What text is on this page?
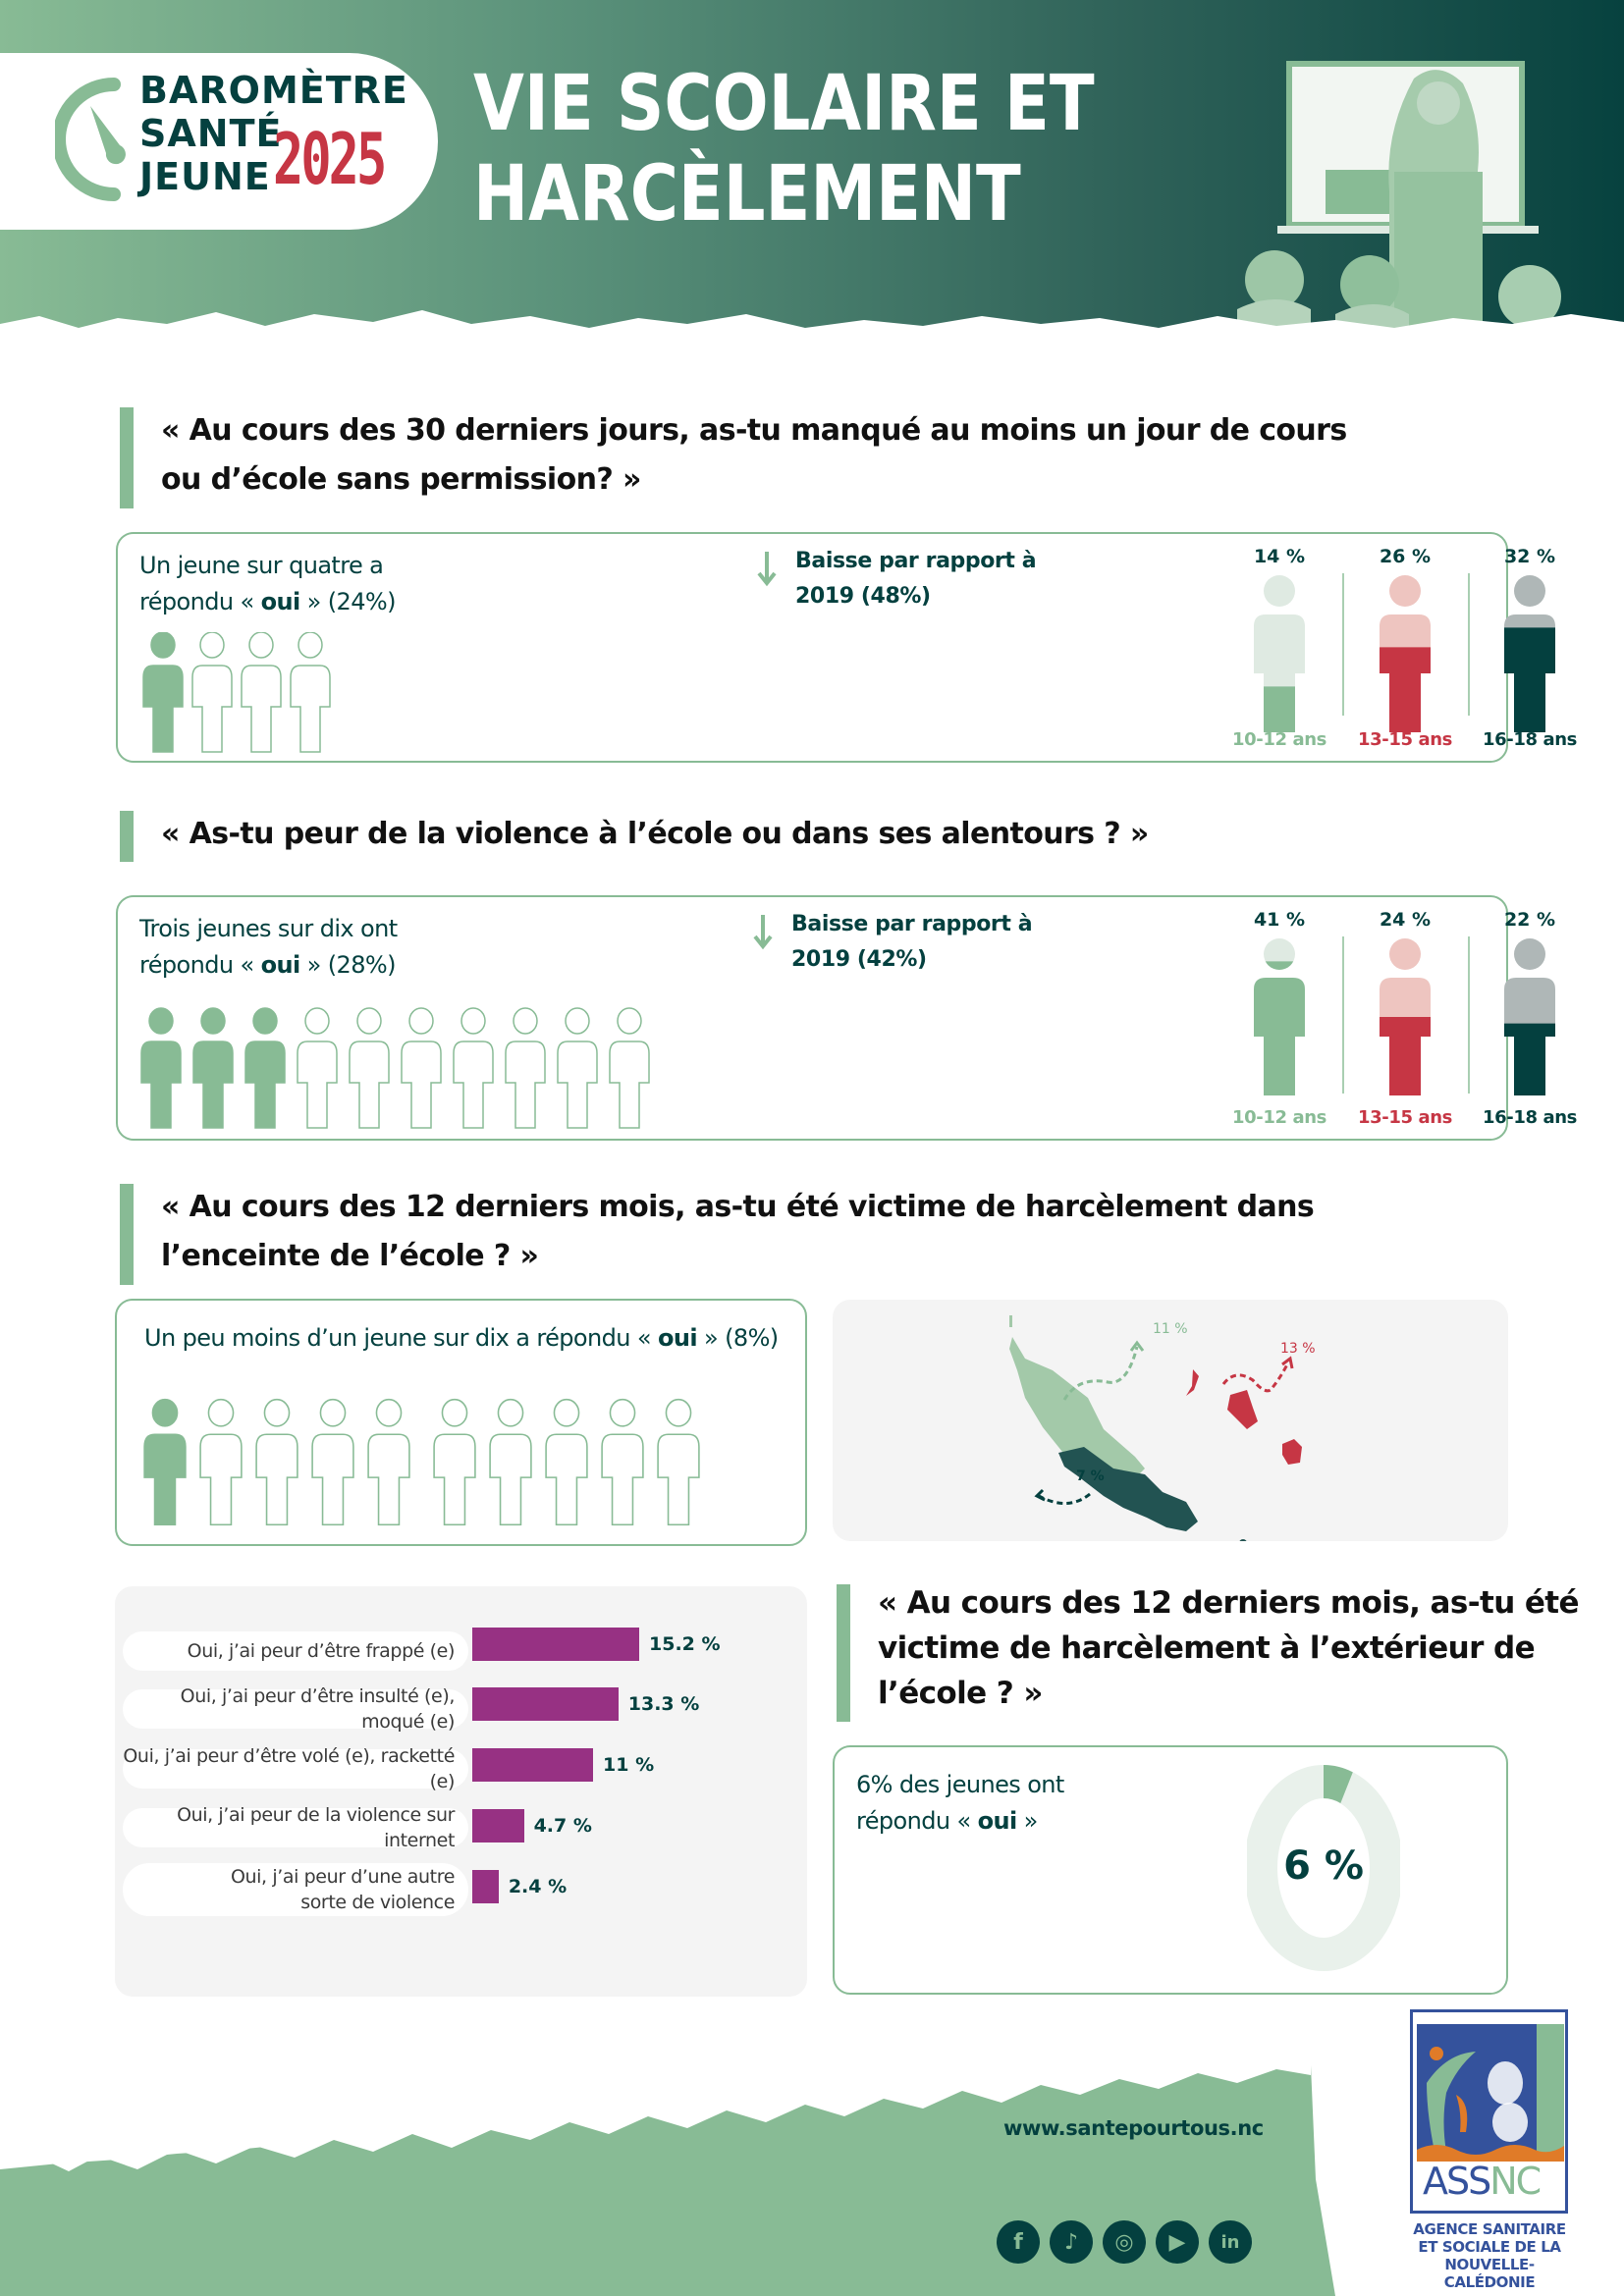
BAROMÈTRE
SANTÉ
JEUNE 2025
VIE SCOLAIRE ET
HARCÈLEMENT
« Au cours des 30 derniers jours, as-tu manqué au moins un jour de cours
ou d’école sans permission? »
Un jeune sur quatre a
répondu « oui » (24%)
Baisse par rapport à
2019 (48%)
14 %
10-12 ans
26 %
13-15 ans
32 %
16-18 ans
« As-tu peur de la violence à l’école ou dans ses alentours ? »
Trois jeunes sur dix ont
répondu « oui » (28%)
Baisse par rapport à
2019 (42%)
41 %
10-12 ans
24 %
13-15 ans
22 %
16-18 ans
« Au cours des 12 derniers mois, as-tu été victime de harcèlement dans
l’enceinte de l’école ? »
Un peu moins d’un jeune sur dix a répondu « oui » (8%)	11 %
13 %
7 %
Oui, j’ai peur d’être frappé (e)	15.2 %
Oui, j’ai peur d’être insulté (e), moqué (e)
13.3 %
Oui, j’ai peur d’être volé (e), racketté (e)
11 %
Oui, j’ai peur de la violence sur internet
4.7 %
Oui, j’ai peur d’une autre
sorte de violence
2.4 %
« Au cours des 12 derniers mois, as-tu été
victime de harcèlement à l’extérieur de
l’école ? »
6% des jeunes ont
répondu « oui »
6 %
www.santepourtous.nc
f	♪	◎	▶	in
ASSNC
AGENCE SANITAIRE
ET SOCIALE DE LA
NOUVELLE-CALÉDONIE
